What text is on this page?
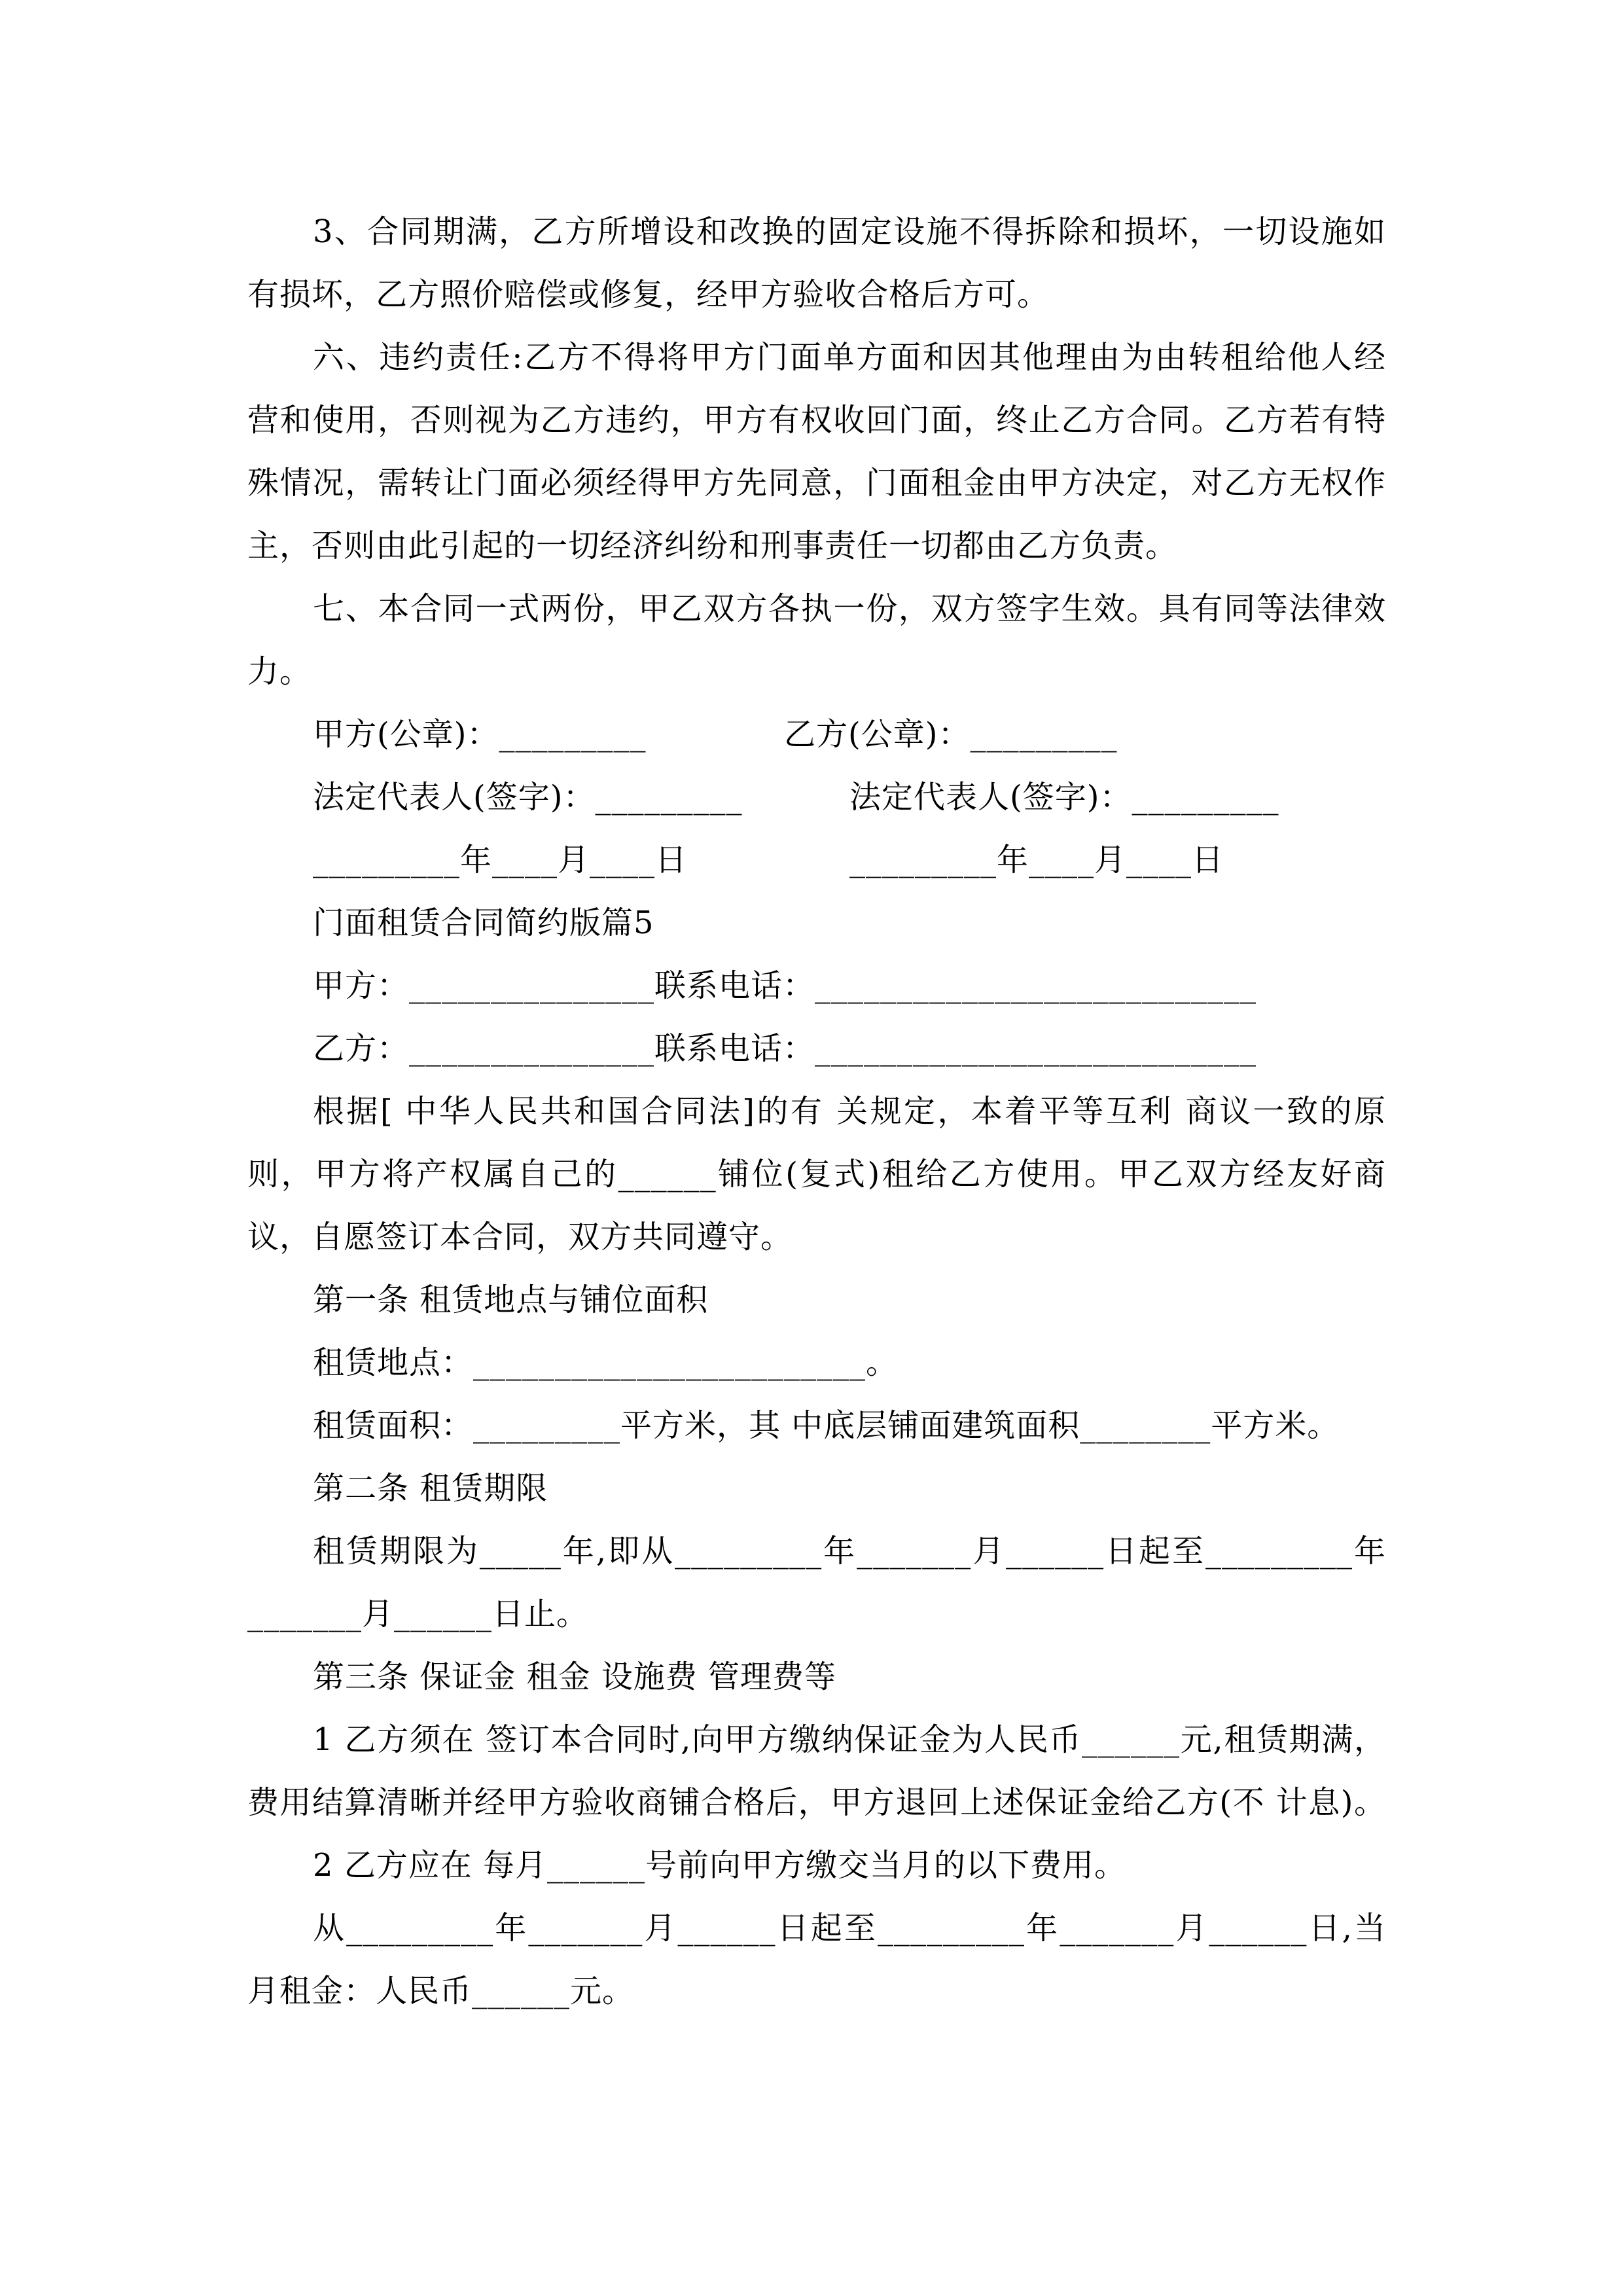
3、合同期满，乙方所增设和改换的固定设施不得拆除和损坏，一切设施如
有损坏，乙方照价赔偿或修复，经甲方验收合格后方可。
六、违约责任:乙方不得将甲方门面单方面和因其他理由为由转租给他人经
营和使用，否则视为乙方违约，甲方有权收回门面，终止乙方合同。乙方若有特
殊情况，需转让门面必须经得甲方先同意，门面租金由甲方决定，对乙方无权作
主，否则由此引起的一切经济纠纷和刑事责任一切都由乙方负责。
七、本合同一式两份，甲乙双方各执一份，双方签字生效。具有同等法律效
力。
甲方(公章)：_________	乙方(公章)：_________
法定代表人(签字)：_________	法定代表人(签字)：_________
_________年____月____日	_________年____月____日
门面租赁合同简约版篇5
甲方：_______________联系电话：___________________________
乙方：_______________联系电话：___________________________
根据[ 中华人民共和国合同法]的有 关规定，本着平等互利 商议一致的原
则，甲方将产权属自己的______铺位(复式)租给乙方使用。甲乙双方经友好商
议，自愿签订本合同，双方共同遵守。
第一条 租赁地点与铺位面积
租赁地点：________________________。
租赁面积：_________平方米，其 中底层铺面建筑面积________平方米。
第二条 租赁期限
租赁期限为_____年,即从_________年_______月______日起至_________年
_______月______日止。
第三条 保证金 租金 设施费 管理费等
1 乙方须在 签订本合同时,向甲方缴纳保证金为人民币______元,租赁期满，
费用结算清晰并经甲方验收商铺合格后，甲方退回上述保证金给乙方(不 计息)。
2 乙方应在 每月______号前向甲方缴交当月的以下费用。
从_________年_______月______日起至_________年_______月______日,当
月租金：人民币______元。
